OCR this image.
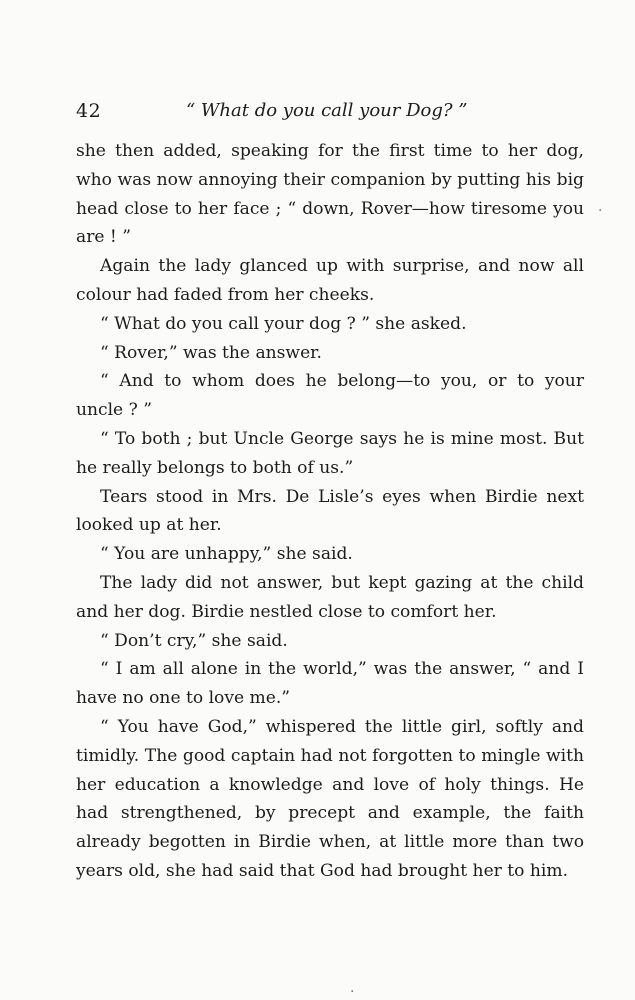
42	“ What do you call your Dog? ”

she then added, speaking for the first time to her dog, who was now annoying their companion by putting his big head close to her face ; “ down, Rover—how tiresome you are ! ”

Again the lady glanced up with surprise, and now all colour had faded from her cheeks.

“ What do you call your dog ? ” she asked.

“ Rover,” was the answer.

“ And to whom does he belong—to you, or to your uncle ? ”

“ To both ; but Uncle George says he is mine most. But he really belongs to both of us.”

Tears stood in Mrs. De Lisle’s eyes when Birdie next looked up at her.

“ You are unhappy,” she said.

The lady did not answer, but kept gazing at the child and her dog. Birdie nestled close to comfort her.

“ Don’t cry,” she said.

“ I am all alone in the world,” was the answer, “ and I have no one to love me.”

“ You have God,” whispered the little girl, softly and timidly. The good captain had not forgotten to mingle with her education a knowledge and love of holy things. He had strengthened, by precept and example, the faith already begotten in Birdie when, at little more than two years old, she had said that God had brought her to him.

·
·
